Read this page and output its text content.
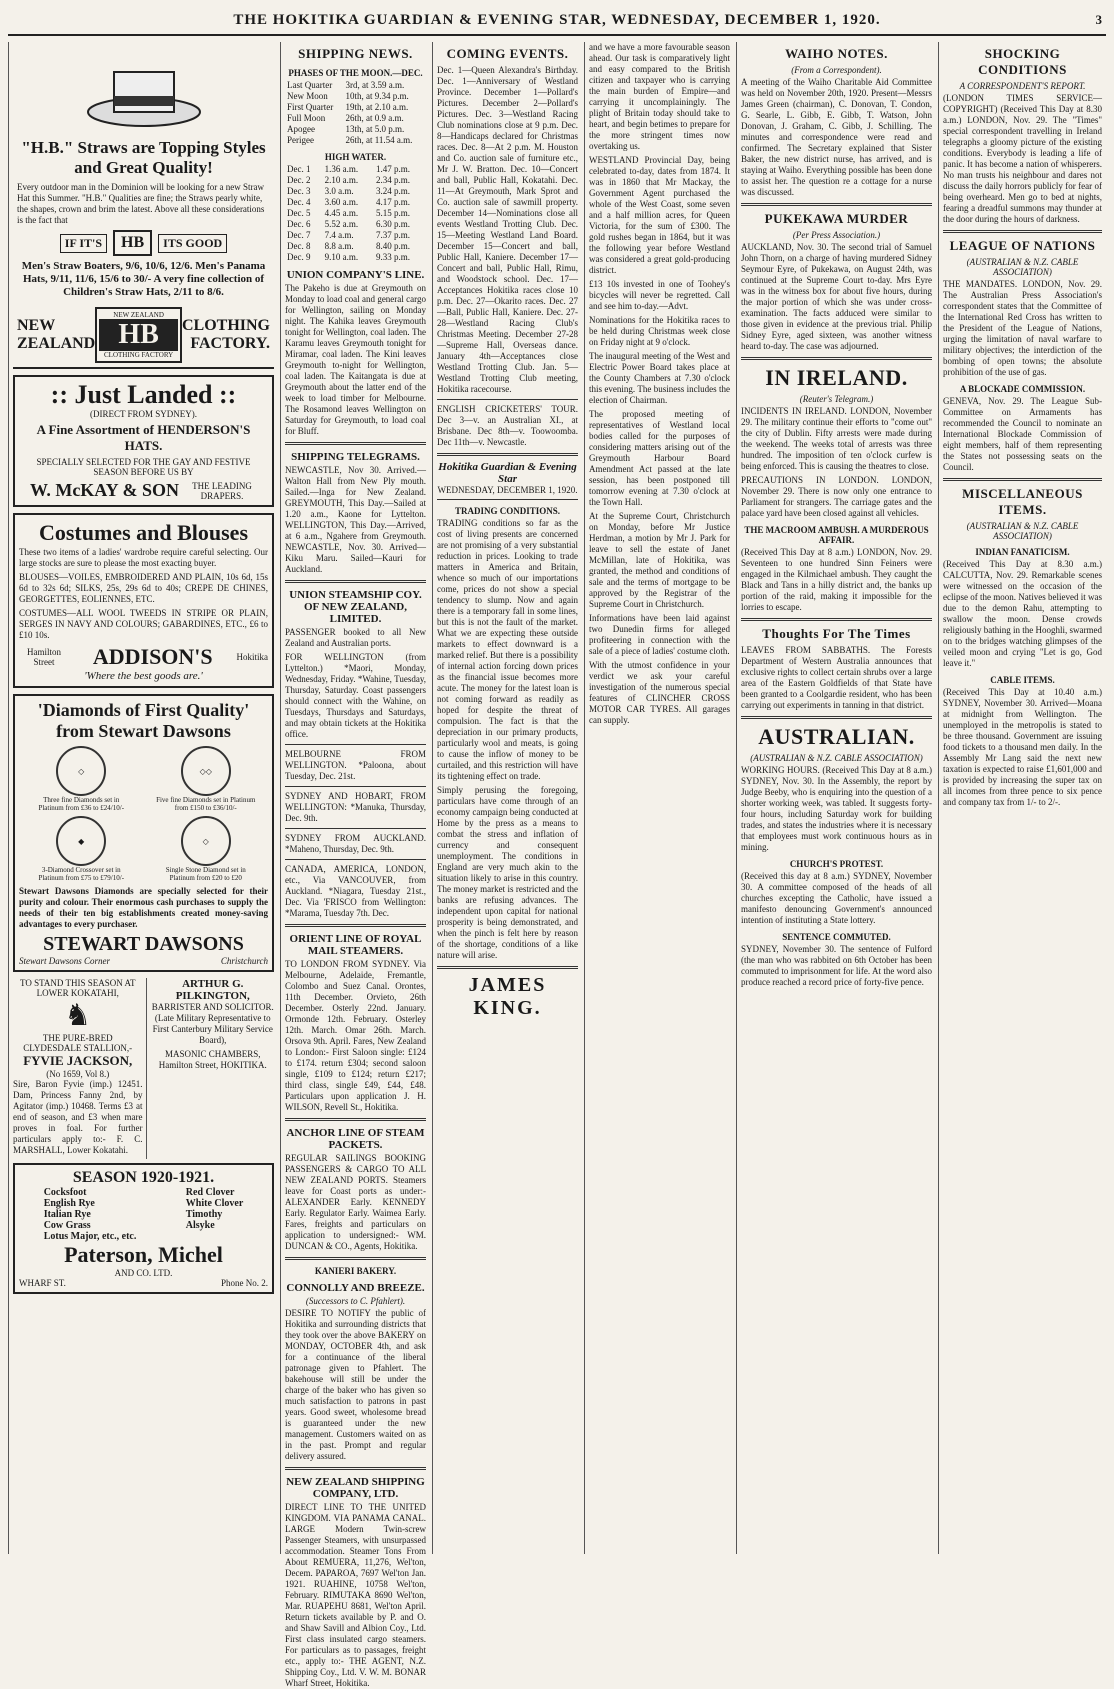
THE HOKITIKA GUARDIAN & EVENING STAR, WEDNESDAY, DECEMBER 1, 1920.	3
"H.B." Straws are Topping Styles and Great Quality!

Every outdoor man in the Dominion will be looking for a new Straw Hat this Summer. "H.B." Qualities are fine; the Straws pearly white, the shapes, crown and brim the latest. Above all these considerations is the fact that

IF IT'S	HB	ITS GOOD
Men's Straw Boaters, 9/6, 10/6, 12/6. Men's Panama Hats, 9/11, 11/6, 15/6 to 30/- A very fine collection of Children's Straw Hats, 2/11 to 8/6.
NEW
ZEALAND
NEW ZEALAND
HB
CLOTHING FACTORY
CLOTHING
FACTORY.
:: Just Landed ::
(DIRECT FROM SYDNEY).
A Fine Assortment of HENDERSON'S HATS.
SPECIALLY SELECTED FOR THE GAY AND FESTIVE SEASON BEFORE US BY
W. McKAY & SON	THE LEADING DRAPERS.
Costumes and Blouses

These two items of a ladies' wardrobe require careful selecting. Our large stocks are sure to please the most exacting buyer.

BLOUSES—VOILES, EMBROIDERED AND PLAIN, 10s 6d, 15s 6d to 32s 6d; SILKS, 25s, 29s 6d to 40s; CREPE DE CHINES, GEORGETTES, EOLIENNES, ETC.

COSTUMES—ALL WOOL TWEEDS IN STRIPE OR PLAIN, SERGES IN NAVY AND COLOURS; GABARDINES, ETC., £6 to £10 10s.

Hamilton Street	ADDISON'S	Hokitika
'Where the best goods are.'
'Diamonds of First Quality' from Stewart Dawsons
◇
Three fine Diamonds set in Platinum from £36 to £24/10/-
◇◇
Five fine Diamonds set in Platinum from £150 to £36/10/-
◆
3-Diamond Crossover set in Platinum from £75 to £79/10/-
◇
Single Stone Diamond set in Platinum from £20 to £20

Stewart Dawsons Diamonds are specially selected for their purity and colour. Their enormous cash purchases to supply the needs of their ten big establishments created money-saving advantages to every purchaser.

STEWART DAWSONS
Stewart Dawsons Corner	Christchurch
TO STAND THIS SEASON AT LOWER KOKATAHI,
♞
THE PURE-BRED CLYDESDALE STALLION,-
FYVIE JACKSON,
(No 1659, Vol 8.)

Sire, Baron Fyvie (imp.) 12451. Dam, Princess Fanny 2nd, by Agitator (imp.) 10468. Terms £3 at end of season, and £3 when mare proves in foal. For further particulars apply to:- F. C. MARSHALL, Lower Kokatahi.

ARTHUR G. PILKINGTON,

BARRISTER AND SOLICITOR. (Late Military Representative to First Canterbury Military Service Board),

MASONIC CHAMBERS, Hamilton Street, HOKITIKA.

SEASON 1920-1921.
Cocksfoot
English Rye
Italian Rye
Cow Grass
Lotus Major, etc., etc.
Red Clover
White Clover
Timothy
Alsyke
Paterson, Michel
AND CO. LTD.
WHARF ST.	Phone No. 2.
SHIPPING NEWS.
PHASES OF THE MOON.—DEC.
Last Quarter	3rd, at 3.59 a.m.
New Moon	10th, at 9.34 p.m.
First Quarter	19th, at 2.10 a.m.
Full Moon	26th, at 0.9 a.m.
Apogee	13th, at 5.0 p.m.
Perigee	26th, at 11.54 a.m.
HIGH WATER.
Dec. 1	1.36 a.m.	1.47 p.m.
Dec. 2	2.10 a.m.	2.34 p.m.
Dec. 3	3.0 a.m.	3.24 p.m.
Dec. 4	3.60 a.m.	4.17 p.m.
Dec. 5	4.45 a.m.	5.15 p.m.
Dec. 6	5.52 a.m.	6.30 p.m.
Dec. 7	7.4 a.m.	7.37 p.m.
Dec. 8	8.8 a.m.	8.40 p.m.
Dec. 9	9.10 a.m.	9.33 p.m.
UNION COMPANY'S LINE.

The Pakeho is due at Greymouth on Monday to load coal and general cargo for Wellington, sailing on Monday night. The Kahika leaves Greymouth tonight for Wellington, coal laden. The Karamu leaves Greymouth tonight for Miramar, coal laden. The Kini leaves Greymouth to-night for Wellington, coal laden. The Kaitangata is due at Greymouth about the latter end of the week to load timber for Melbourne. The Rosamond leaves Wellington on Saturday for Greymouth, to load coal for Bluff.

SHIPPING TELEGRAMS.

NEWCASTLE, Nov 30. Arrived.—Walton Hall from New Ply mouth. Sailed.—Inga for New Zealand. GREYMOUTH, This Day.—Sailed at 1.20 a.m., Kaone for Lyttelton. WELLINGTON, This Day.—Arrived, at 6 a.m., Ngahere from Greymouth. NEWCASTLE, Nov. 30. Arrived—Kiku Maru. Sailed—Kauri for Auckland.

UNION STEAMSHIP COY. OF NEW ZEALAND, LIMITED.

PASSENGER booked to all New Zealand and Australian ports.

FOR WELLINGTON (from Lyttelton.) *Maori, Monday, Wednesday, Friday. *Wahine, Tuesday, Thursday, Saturday. Coast passengers should connect with the Wahine, on Tuesdays, Thursdays and Saturdays, and may obtain tickets at the Hokitika office.

MELBOURNE FROM WELLINGTON. *Paloona, about Tuesday, Dec. 21st.

SYDNEY AND HOBART, FROM WELLINGTON: *Manuka, Thursday, Dec. 9th.

SYDNEY FROM AUCKLAND. *Maheno, Thursday, Dec. 9th.

CANADA, AMERICA, LONDON, etc., Via VANCOUVER, from Auckland. *Niagara, Tuesday 21st., Dec. Via 'FRISCO from Wellington: *Marama, Tuesday 7th. Dec.

ORIENT LINE OF ROYAL MAIL STEAMERS.

TO LONDON FROM SYDNEY. Via Melbourne, Adelaide, Fremantle, Colombo and Suez Canal. Orontes, 11th December. Orvieto, 26th December. Osterly 22nd. January. Ormonde 12th. February. Osterley 12th. March. Omar 26th. March. Orsova 9th. April. Fares, New Zealand to London:- First Saloon single: £124 to £174. return £304; second saloon single, £109 to £124; return £217; third class, single £49, £44, £48. Particulars upon application J. H. WILSON, Revell St., Hokitika.

ANCHOR LINE OF STEAM PACKETS.

REGULAR SAILINGS BOOKING PASSENGERS & CARGO TO ALL NEW ZEALAND PORTS. Steamers leave for Coast ports as under:- ALEXANDER Early. KENNEDY Early. Regulator Early. Waimea Early. Fares, freights and particulars on application to undersigned:- WM. DUNCAN & CO., Agents, Hokitika.

KANIERI BAKERY.
CONNOLLY AND BREEZE.
(Successors to C. Pfahlert).

DESIRE TO NOTIFY the public of Hokitika and surrounding districts that they took over the above BAKERY on MONDAY, OCTOBER 4th, and ask for a continuance of the liberal patronage given to Pfahlert. The bakehouse will still be under the charge of the baker who has given so much satisfaction to patrons in past years. Good sweet, wholesome bread is guaranteed under the new management. Customers waited on as in the past. Prompt and regular delivery assured.

NEW ZEALAND SHIPPING COMPANY, LTD.

DIRECT LINE TO THE UNITED KINGDOM. VIA PANAMA CANAL. LARGE Modern Twin-screw Passenger Steamers, with unsurpassed accommodation. Steamer Tons From About REMUERA, 11,276, Wel'ton, Decem. PAPAROA, 7697 Wel'ton Jan. 1921. RUAHINE, 10758 Wel'ton, February. RIMUTAKA 8690 Wel'ton, Mar. RUAPEHU 8681, Wel'ton April. Return tickets available by P. and O. and Shaw Savill and Albion Coy., Ltd. First class insulated cargo steamers. For particulars as to passages, freight etc., apply to:- THE AGENT, N.Z. Shipping Coy., Ltd. V. W. M. BONAR Wharf Street, Hokitika.

COMING EVENTS.

Dec. 1—Queen Alexandra's Birthday. Dec. 1—Anniversary of Westland Province. December 1—Pollard's Pictures. December 2—Pollard's Pictures. Dec. 3—Westland Racing Club nominations close at 9 p.m. Dec. 8—Handicaps declared for Christmas races. Dec. 8—At 2 p.m. M. Houston and Co. auction sale of furniture etc., Mr J. W. Bratton. Dec. 10—Concert and ball, Public Hall, Kokatahi. Dec. 11—At Greymouth, Mark Sprot and Co. auction sale of sawmill property. December 14—Nominations close all events Westland Trotting Club. Dec. 15—Meeting Westland Land Board. December 15—Concert and ball, Public Hall, Kaniere. December 17—Concert and ball, Public Hall, Rimu, and Woodstock school. Dec. 17—Acceptances Hokitika races close 10 p.m. Dec. 27—Okarito races. Dec. 27—Ball, Public Hall, Kaniere. Dec. 27-28—Westland Racing Club's Christmas Meeting. December 27-28—Supreme Hall, Overseas dance. January 4th—Acceptances close Westland Trotting Club. Jan. 5—Westland Trotting Club meeting, Hokitika racecourse.

ENGLISH CRICKETERS' TOUR. Dec 3—v. an Australian XI., at Brisbane. Dec 8th—v. Toowoomba. Dec 11th—v. Newcastle.

Hokitika Guardian & Evening Star
WEDNESDAY, DECEMBER 1, 1920.
TRADING CONDITIONS.

TRADING conditions so far as the cost of living presents are concerned are not promising of a very substantial reduction in prices. Looking to trade matters in America and Britain, whence so much of our importations come, prices do not show a special tendency to slump. Now and again there is a temporary fall in some lines, but this is not the fault of the market. What we are expecting these outside markets to effect downward is a marked relief. But there is a possibility of internal action forcing down prices as the financial issue becomes more acute. The money for the latest loan is not coming forward as readily as hoped for despite the threat of compulsion. The fact is that the depreciation in our primary products, particularly wool and meats, is going to cause the inflow of money to be curtailed, and this restriction will have its tightening effect on trade.

Simply perusing the foregoing, particulars have come through of an economy campaign being conducted at Home by the press as a means to combat the stress and inflation of currency and consequent unemployment. The conditions in England are very much akin to the situation likely to arise in this country. The money market is restricted and the banks are refusing advances. The independent upon capital for national prosperity is being demonstrated, and when the pinch is felt here by reason of the shortage, conditions of a like nature will arise.

JAMES KING.

and we have a more favourable season ahead. Our task is comparatively light and easy compared to the British citizen and taxpayer who is carrying the main burden of Empire—and carrying it uncomplainingly. The plight of Britain today should take to heart, and begin betimes to prepare for the more stringent times now overtaking us.

WESTLAND Provincial Day, being celebrated to-day, dates from 1874. It was in 1860 that Mr Mackay, the Government Agent purchased the whole of the West Coast, some seven and a half million acres, for Queen Victoria, for the sum of £300. The gold rushes began in 1864, but it was the following year before Westland was considered a great gold-producing district.

£13 10s invested in one of Toohey's bicycles will never be regretted. Call and see him to-day.—Advt.

Nominations for the Hokitika races to be held during Christmas week close on Friday night at 9 o'clock.

The inaugural meeting of the West and Electric Power Board takes place at the County Chambers at 7.30 o'clock this evening. The business includes the election of Chairman.

The proposed meeting of representatives of Westland local bodies called for the purposes of considering matters arising out of the Greymouth Harbour Board Amendment Act passed at the late session, has been postponed till tomorrow evening at 7.30 o'clock at the Town Hall.

At the Supreme Court, Christchurch on Monday, before Mr Justice Herdman, a motion by Mr J. Park for leave to sell the estate of Janet McMillan, late of Hokitika, was granted, the method and conditions of sale and the terms of mortgage to be approved by the Registrar of the Supreme Court in Christchurch.

Informations have been laid against two Dunedin firms for alleged profiteering in connection with the sale of a piece of ladies' costume cloth.

With the utmost confidence in your verdict we ask your careful investigation of the numerous special features of CLINCHER CROSS MOTOR CAR TYRES. All garages can supply.

WAIHO NOTES.
(From a Correspondent).

A meeting of the Waiho Charitable Aid Committee was held on November 20th, 1920. Present—Messrs James Green (chairman), C. Donovan, T. Condon, G. Searle, L. Gibb, E. Gibb, T. Watson, John Donovan, J. Graham, C. Gibb, J. Schilling. The minutes and correspondence were read and confirmed. The Secretary explained that Sister Baker, the new district nurse, has arrived, and is staying at Waiho. Everything possible has been done to assist her. The question re a cottage for a nurse was discussed.

PUKEKAWA MURDER
(Per Press Association.)

AUCKLAND, Nov. 30. The second trial of Samuel John Thorn, on a charge of having murdered Sidney Seymour Eyre, of Pukekawa, on August 24th, was continued at the Supreme Court to-day. Mrs Eyre was in the witness box for about five hours, during the major portion of which she was under cross-examination. The facts adduced were similar to those given in evidence at the previous trial. Philip Sidney Eyre, aged sixteen, was another witness heard to-day. The case was adjourned.

IN IRELAND.
(Reuter's Telegram.)

INCIDENTS IN IRELAND. LONDON, November 29. The military continue their efforts to "come out" the city of Dublin. Fifty arrests were made during the weekend. The weeks total of arrests was three hundred. The imposition of ten o'clock curfew is being enforced. This is causing the theatres to close.

PRECAUTIONS IN LONDON. LONDON, November 29. There is now only one entrance to Parliament for strangers. The carriage gates and the palace yard have been closed against all vehicles.

THE MACROOM AMBUSH. A MURDEROUS AFFAIR.

(Received This Day at 8 a.m.) LONDON, Nov. 29. Seventeen to one hundred Sinn Feiners were engaged in the Kilmichael ambush. They caught the Black and Tans in a hilly district and, the banks up portion of the raid, making it impossible for the lorries to escape.

Thoughts For The Times

LEAVES FROM SABBATHS. The Forests Department of Western Australia announces that exclusive rights to collect certain shrubs over a large area of the Eastern Goldfields of that State have been granted to a Coolgardie resident, who has been carrying out experiments in tanning in that district.

AUSTRALIAN.
(AUSTRALIAN & N.Z. CABLE ASSOCIATION)

WORKING HOURS. (Received This Day at 8 a.m.) SYDNEY, Nov. 30. In the Assembly, the report by Judge Beeby, who is enquiring into the question of a shorter working week, was tabled. It suggests forty-four hours, including Saturday work for building trades, and states the industries where it is necessary that employees must work continuous hours as in mining.

CHURCH'S PROTEST.

(Received this day at 8 a.m.) SYDNEY, November 30. A committee composed of the heads of all churches excepting the Catholic, have issued a manifesto denouncing Government's announced intention of instituting a State lottery.

SENTENCE COMMUTED.

SYDNEY, November 30. The sentence of Fulford (the man who was rabbited on 6th October has been commuted to imprisonment for life. At the word also produce reached a record price of forty-five pence.

SHOCKING CONDITIONS
A CORRESPONDENT'S REPORT.

(LONDON TIMES SERVICE—COPYRIGHT) (Received This Day at 8.30 a.m.) LONDON, Nov. 29. The "Times" special correspondent travelling in Ireland telegraphs a gloomy picture of the existing conditions. Everybody is leading a life of panic. It has become a nation of whisperers. No man trusts his neighbour and dares not discuss the daily horrors publicly for fear of being overheard. Men go to bed at nights, fearing a dreadful summons may thunder at the door during the hours of darkness.

LEAGUE OF NATIONS
(AUSTRALIAN & N.Z. CABLE ASSOCIATION)

THE MANDATES. LONDON, Nov. 29. The Australian Press Association's correspondent states that the Committee of the International Red Cross has written to the President of the League of Nations, urging the limitation of naval warfare to military objectives; the interdiction of the bombing of open towns; the absolute prohibition of the use of gas.

A BLOCKADE COMMISSION.

GENEVA, Nov. 29. The League Sub-Committee on Armaments has recommended the Council to nominate an International Blockade Commission of eight members, half of them representing the States not possessing seats on the Council.

MISCELLANEOUS ITEMS.
(AUSTRALIAN & N.Z. CABLE ASSOCIATION)
INDIAN FANATICISM.

(Received This Day at 8.30 a.m.) CALCUTTA, Nov. 29. Remarkable scenes were witnessed on the occasion of the eclipse of the moon. Natives believed it was due to the demon Rahu, attempting to swallow the moon. Dense crowds religiously bathing in the Hooghli, swarmed on to the bridges watching glimpses of the veiled moon and crying "Let is go, God leave it."

CABLE ITEMS.

(Received This Day at 10.40 a.m.) SYDNEY, November 30. Arrived—Moana at midnight from Wellington. The unemployed in the metropolis is stated to be three thousand. Government are issuing food tickets to a thousand men daily. In the Assembly Mr Lang said the next new taxation is expected to raise £1,601,000 and is provided by increasing the super tax on all incomes from three pence to six pence and company tax from 1/- to 2/-.
